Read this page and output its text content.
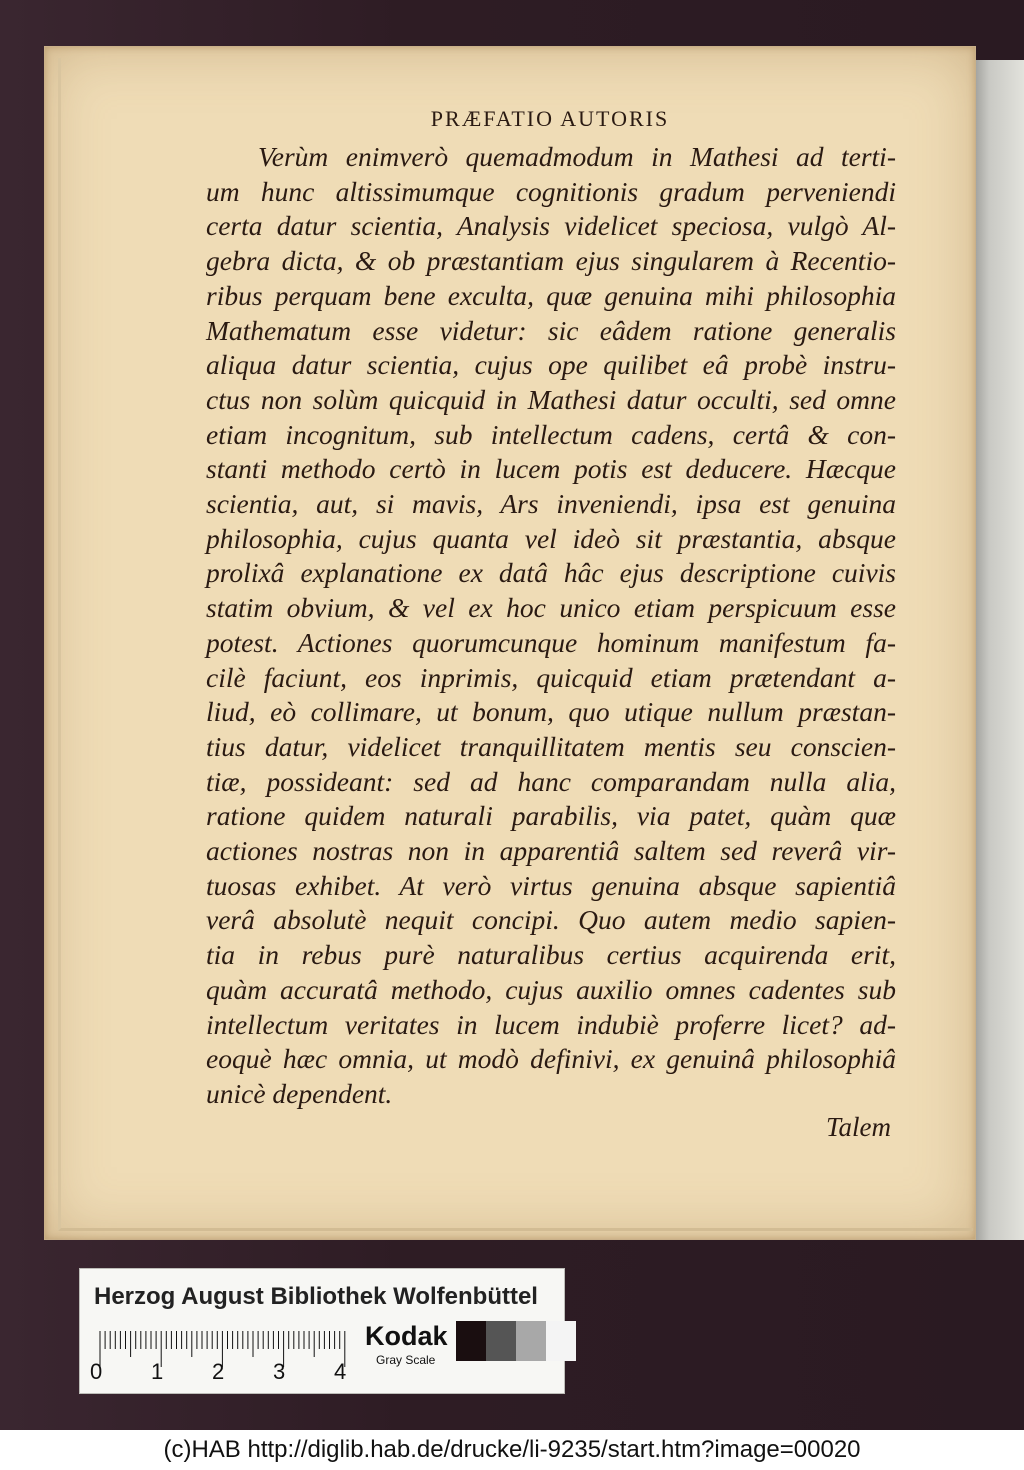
PRÆFATIO AUTORIS
Verùm enimverò quemadmodum in Mathesi ad terti-
um hunc altissimumque cognitionis gradum perveniendi
certa datur scientia, Analysis videlicet speciosa, vulgò Al-
gebra dicta, & ob præstantiam ejus singularem à Recentio-
ribus perquam bene exculta, quæ genuina mihi philosophia
Mathematum esse videtur: sic eâdem ratione generalis
aliqua datur scientia, cujus ope quilibet eâ probè instru-
ctus non solùm quicquid in Mathesi datur occulti, sed omne
etiam incognitum, sub intellectum cadens, certâ & con-
stanti methodo certò in lucem potis est deducere. Hæcque
scientia, aut, si mavis, Ars inveniendi, ipsa est genuina
philosophia, cujus quanta vel ideò sit præstantia, absque
prolixâ explanatione ex datâ hâc ejus descriptione cuivis
statim obvium, & vel ex hoc unico etiam perspicuum esse
potest. Actiones quorumcunque hominum manifestum fa-
cilè faciunt, eos inprimis, quicquid etiam prætendant a-
liud, eò collimare, ut bonum, quo utique nullum præstan-
tius datur, videlicet tranquillitatem mentis seu conscien-
tiæ, possideant: sed ad hanc comparandam nulla alia,
ratione quidem naturali parabilis, via patet, quàm quæ
actiones nostras non in apparentiâ saltem sed reverâ vir-
tuosas exhibet. At verò virtus genuina absque sapientiâ
verâ absolutè nequit concipi. Quo autem medio sapien-
tia in rebus purè naturalibus certius acquirenda erit,
quàm accuratâ methodo, cujus auxilio omnes cadentes sub
intellectum veritates in lucem indubiè proferre licet? ad-
eoquè hæc omnia, ut modò definivi, ex genuinâ philosophiâ
unicè dependent.
Talem
Herzog August Bibliothek Wolfenbüttel
0 1 2 3 4
Kodak
Gray Scale
(c)HAB http://diglib.hab.de/drucke/li-9235/start.htm?image=00020
